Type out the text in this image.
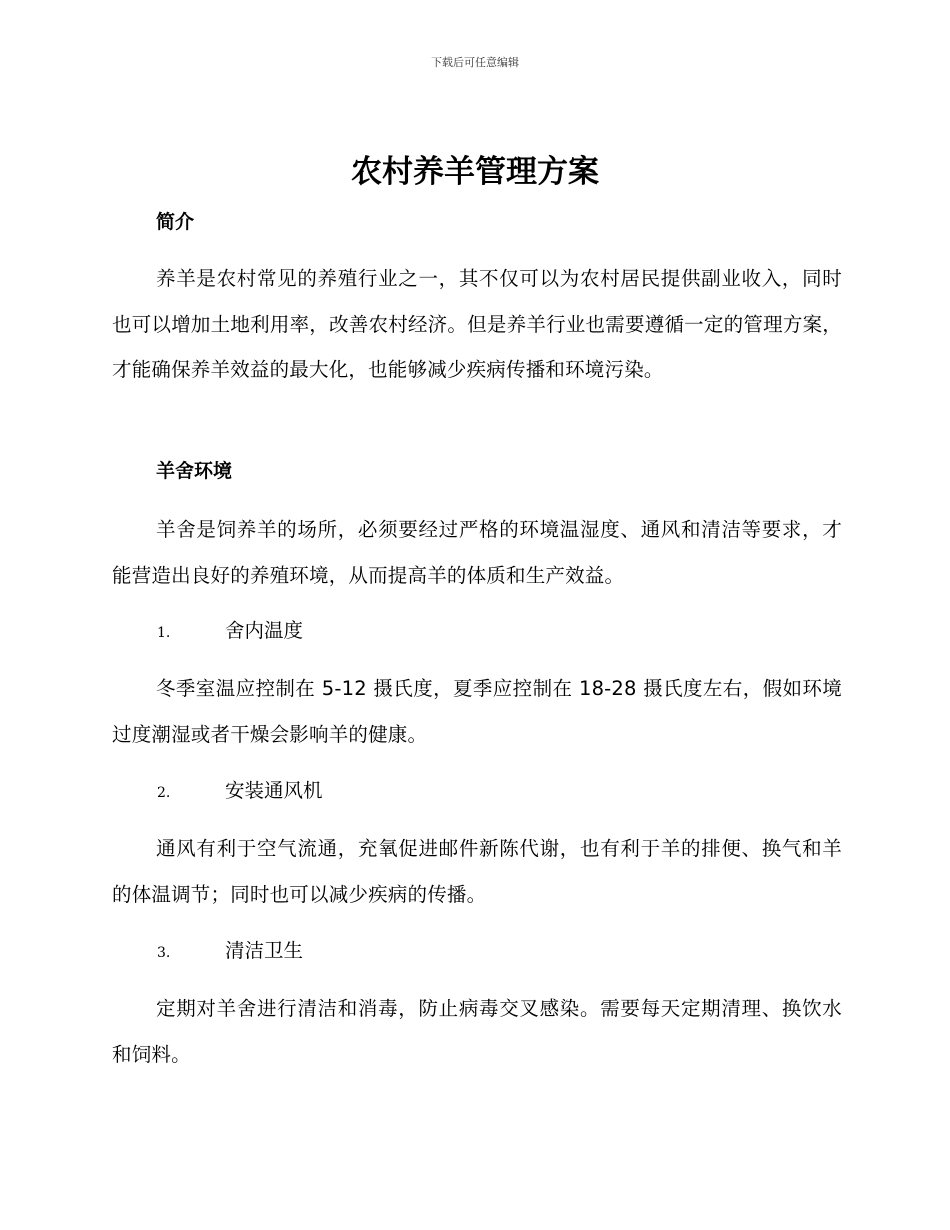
下载后可任意编辑
农村养羊管理方案
简介

养羊是农村常见的养殖行业之一，其不仅可以为农村居民提供副业收入，同时也可以增加土地利用率，改善农村经济。但是养羊行业也需要遵循一定的管理方案，才能确保养羊效益的最大化，也能够减少疾病传播和环境污染。

羊舍环境

羊舍是饲养羊的场所，必须要经过严格的环境温湿度、通风和清洁等要求，才能营造出良好的养殖环境，从而提高羊的体质和生产效益。

1.	舍内温度

冬季室温应控制在 5-12 摄氏度，夏季应控制在 18-28 摄氏度左右，假如环境过度潮湿或者干燥会影响羊的健康。

2.	安装通风机

通风有利于空气流通，充氧促进邮件新陈代谢，也有利于羊的排便、换气和羊的体温调节；同时也可以减少疾病的传播。

3.	清洁卫生

定期对羊舍进行清洁和消毒，防止病毒交叉感染。需要每天定期清理、换饮水和饲料。
